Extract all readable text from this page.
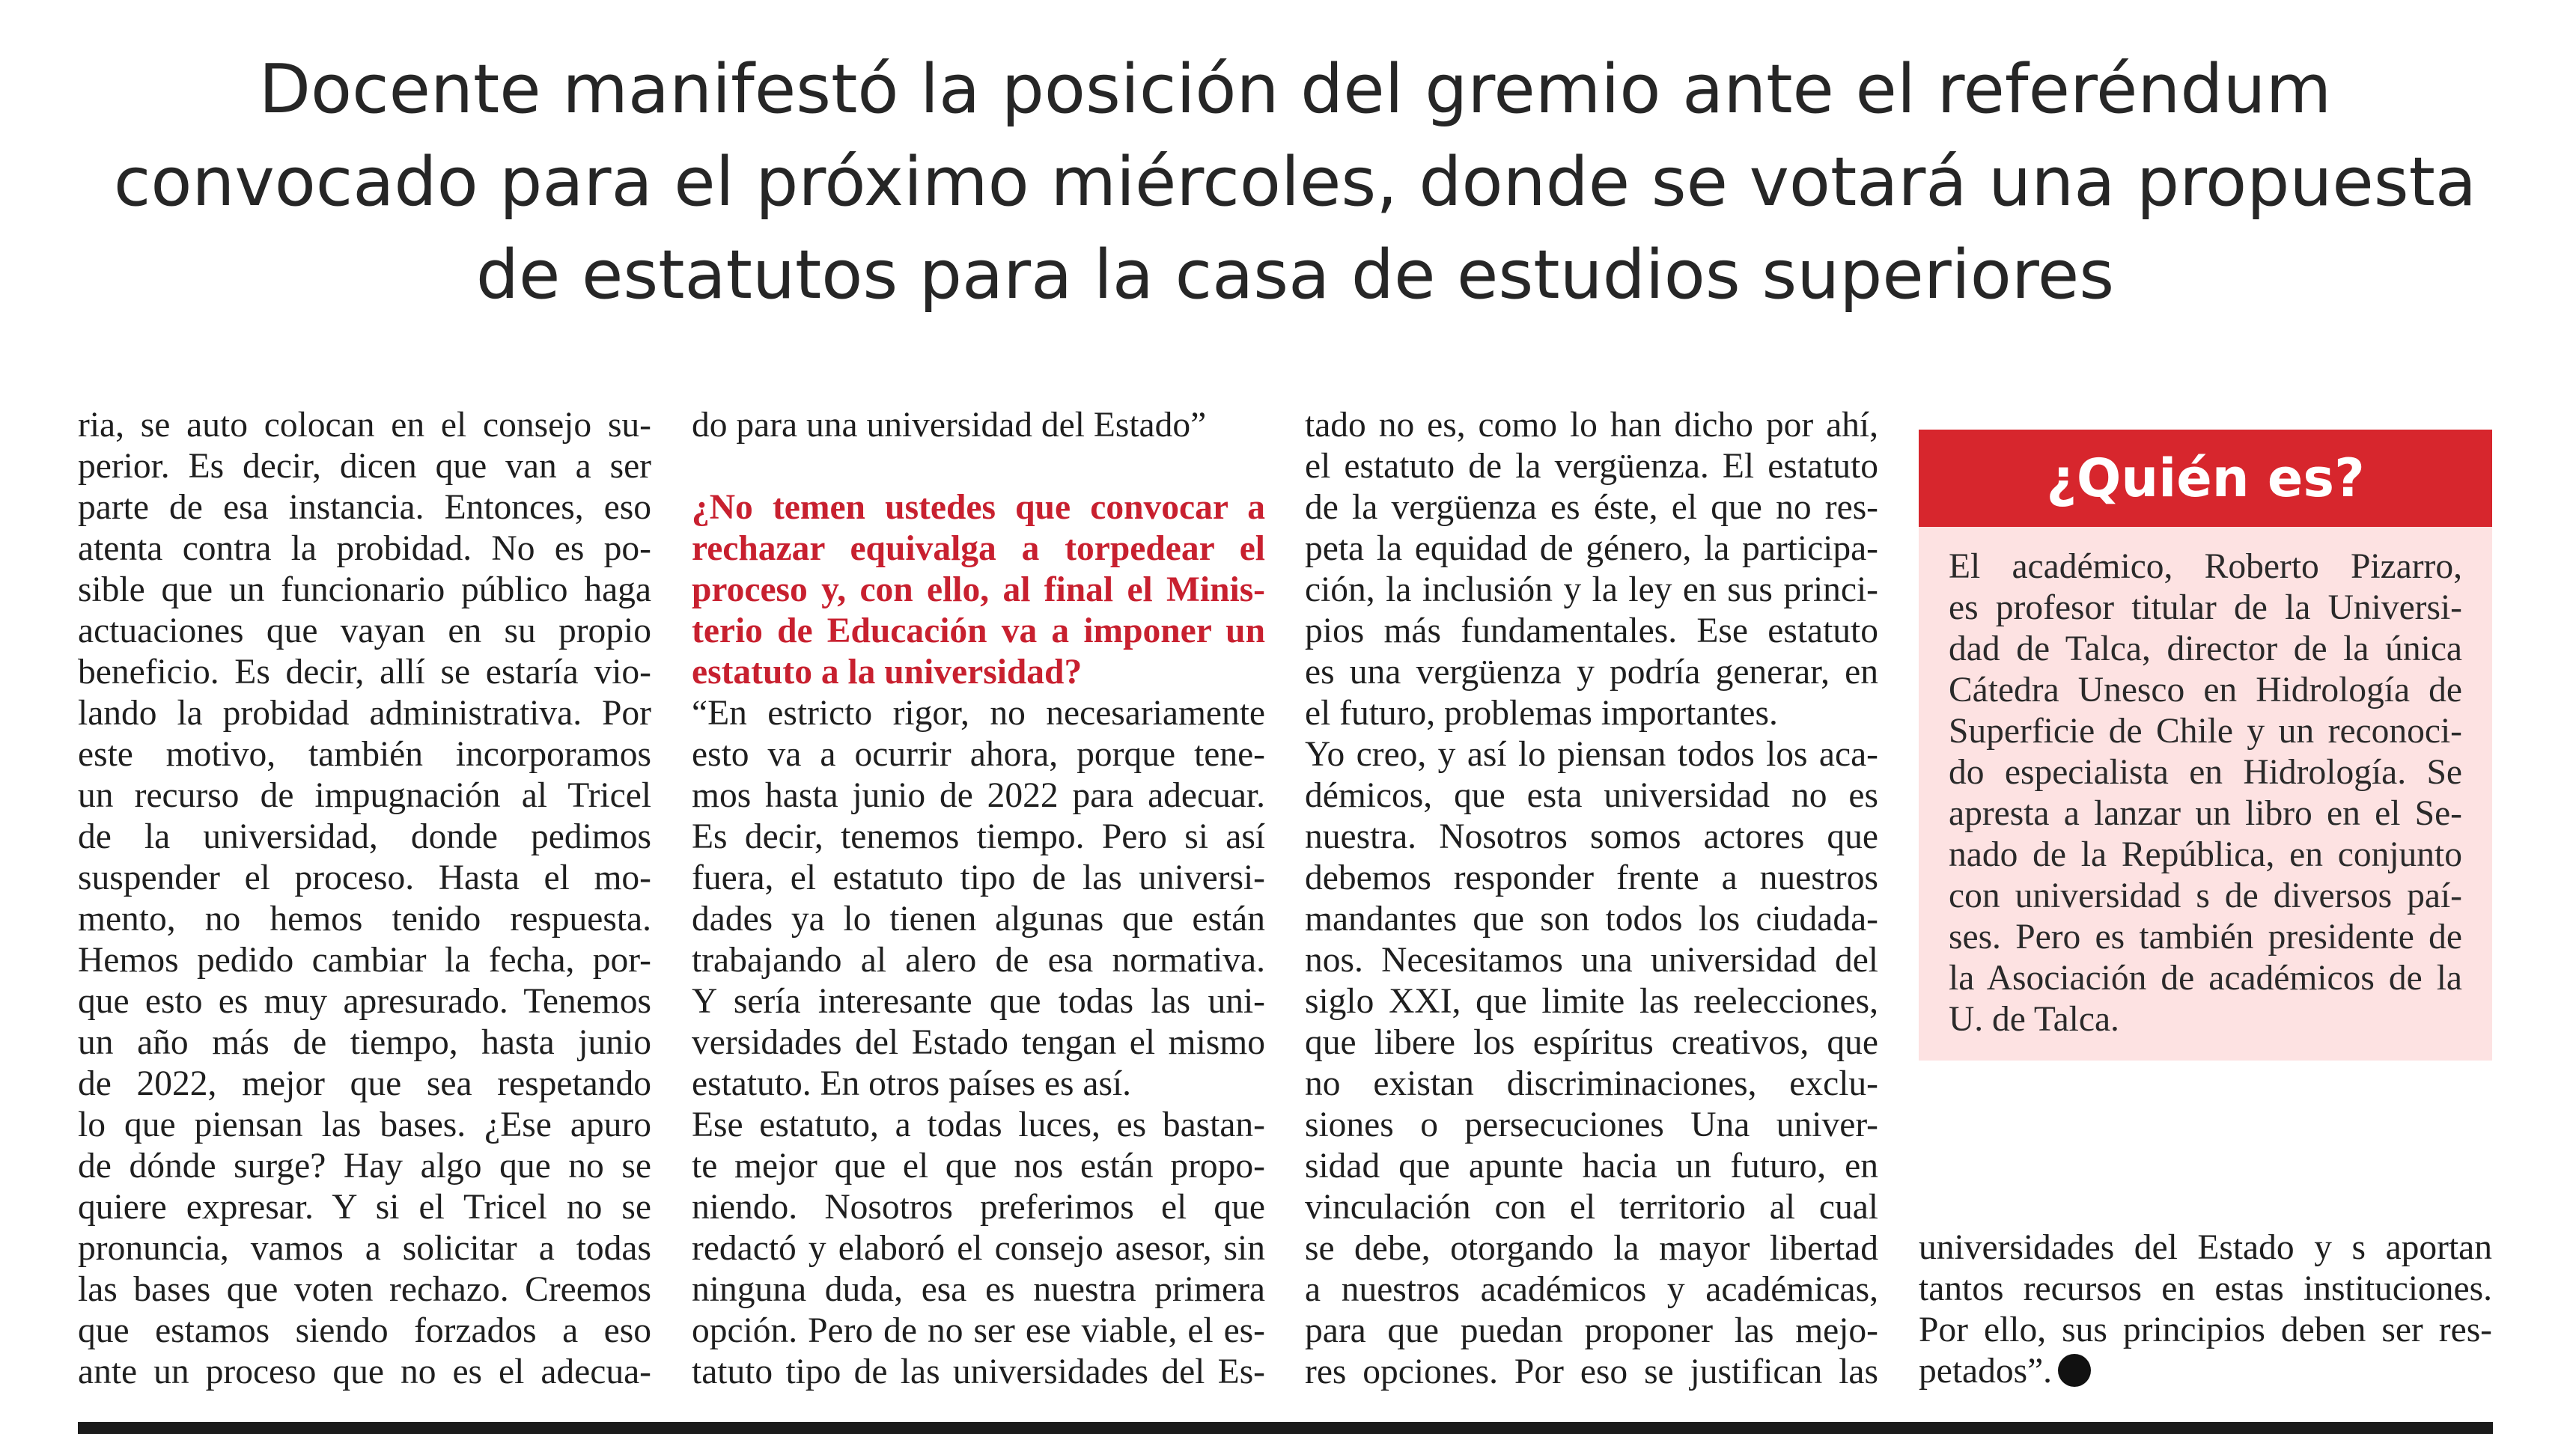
Docente manifestó la posición del gremio ante el referéndum
convocado para el próximo miércoles, donde se votará una propuesta
de estatutos para la casa de estudios superiores
ria, se auto colocan en el consejo su-
perior. Es decir, dicen que van a ser
parte de esa instancia. Entonces, eso
atenta contra la probidad. No es po-
sible que un funcionario público haga
actuaciones que vayan en su propio
beneficio. Es decir, allí se estaría vio-
lando la probidad administrativa. Por
este motivo, también incorporamos
un recurso de impugnación al Tricel
de la universidad, donde pedimos
suspender el proceso. Hasta el mo-
mento, no hemos tenido respuesta.
Hemos pedido cambiar la fecha, por-
que esto es muy apresurado. Tenemos
un año más de tiempo, hasta junio
de 2022, mejor que sea respetando
lo que piensan las bases. ¿Ese apuro
de dónde surge? Hay algo que no se
quiere expresar. Y si el Tricel no se
pronuncia, vamos a solicitar a todas
las bases que voten rechazo. Creemos
que estamos siendo forzados a eso
ante un proceso que no es el adecua-
do para una universidad del Estado”

¿No temen ustedes que convocar a
rechazar equivalga a torpedear el
proceso y, con ello, al final el Minis-
terio de Educación va a imponer un
estatuto a la universidad?
“En estricto rigor, no necesariamente
esto va a ocurrir ahora, porque tene-
mos hasta junio de 2022 para adecuar.
Es decir, tenemos tiempo. Pero si así
fuera, el estatuto tipo de las universi-
dades ya lo tienen algunas que están
trabajando al alero de esa normativa.
Y sería interesante que todas las uni-
versidades del Estado tengan el mismo
estatuto. En otros países es así.
Ese estatuto, a todas luces, es bastan-
te mejor que el que nos están propo-
niendo. Nosotros preferimos el que
redactó y elaboró el consejo asesor, sin
ninguna duda, esa es nuestra primera
opción. Pero de no ser ese viable, el es-
tatuto tipo de las universidades del Es-
tado no es, como lo han dicho por ahí,
el estatuto de la vergüenza. El estatuto
de la vergüenza es éste, el que no res-
peta la equidad de género, la participa-
ción, la inclusión y la ley en sus princi-
pios más fundamentales. Ese estatuto
es una vergüenza y podría generar, en
el futuro, problemas importantes.
Yo creo, y así lo piensan todos los aca-
démicos, que esta universidad no es
nuestra. Nosotros somos actores que
debemos responder frente a nuestros
mandantes que son todos los ciudada-
nos. Necesitamos una universidad del
siglo XXI, que limite las reelecciones,
que libere los espíritus creativos, que
no existan discriminaciones, exclu-
siones o persecuciones Una univer-
sidad que apunte hacia un futuro, en
vinculación con el territorio al cual
se debe, otorgando la mayor libertad
a nuestros académicos y académicas,
para que puedan proponer las mejo-
res opciones. Por eso se justifican las
¿Quién es?
El académico, Roberto Pizarro,
es profesor titular de la Universi-
dad de Talca, director de la única
Cátedra Unesco en Hidrología de
Superficie de Chile y un reconoci-
do especialista en Hidrología. Se
apresta a lanzar un libro en el Se-
nado de la República, en conjunto
con universidad s de diversos paí-
ses. Pero es también presidente de
la Asociación de académicos de la
U. de Talca.
universidades del Estado y s aportan
tantos recursos en estas instituciones.
Por ello, sus principios deben ser res-
petados”.
